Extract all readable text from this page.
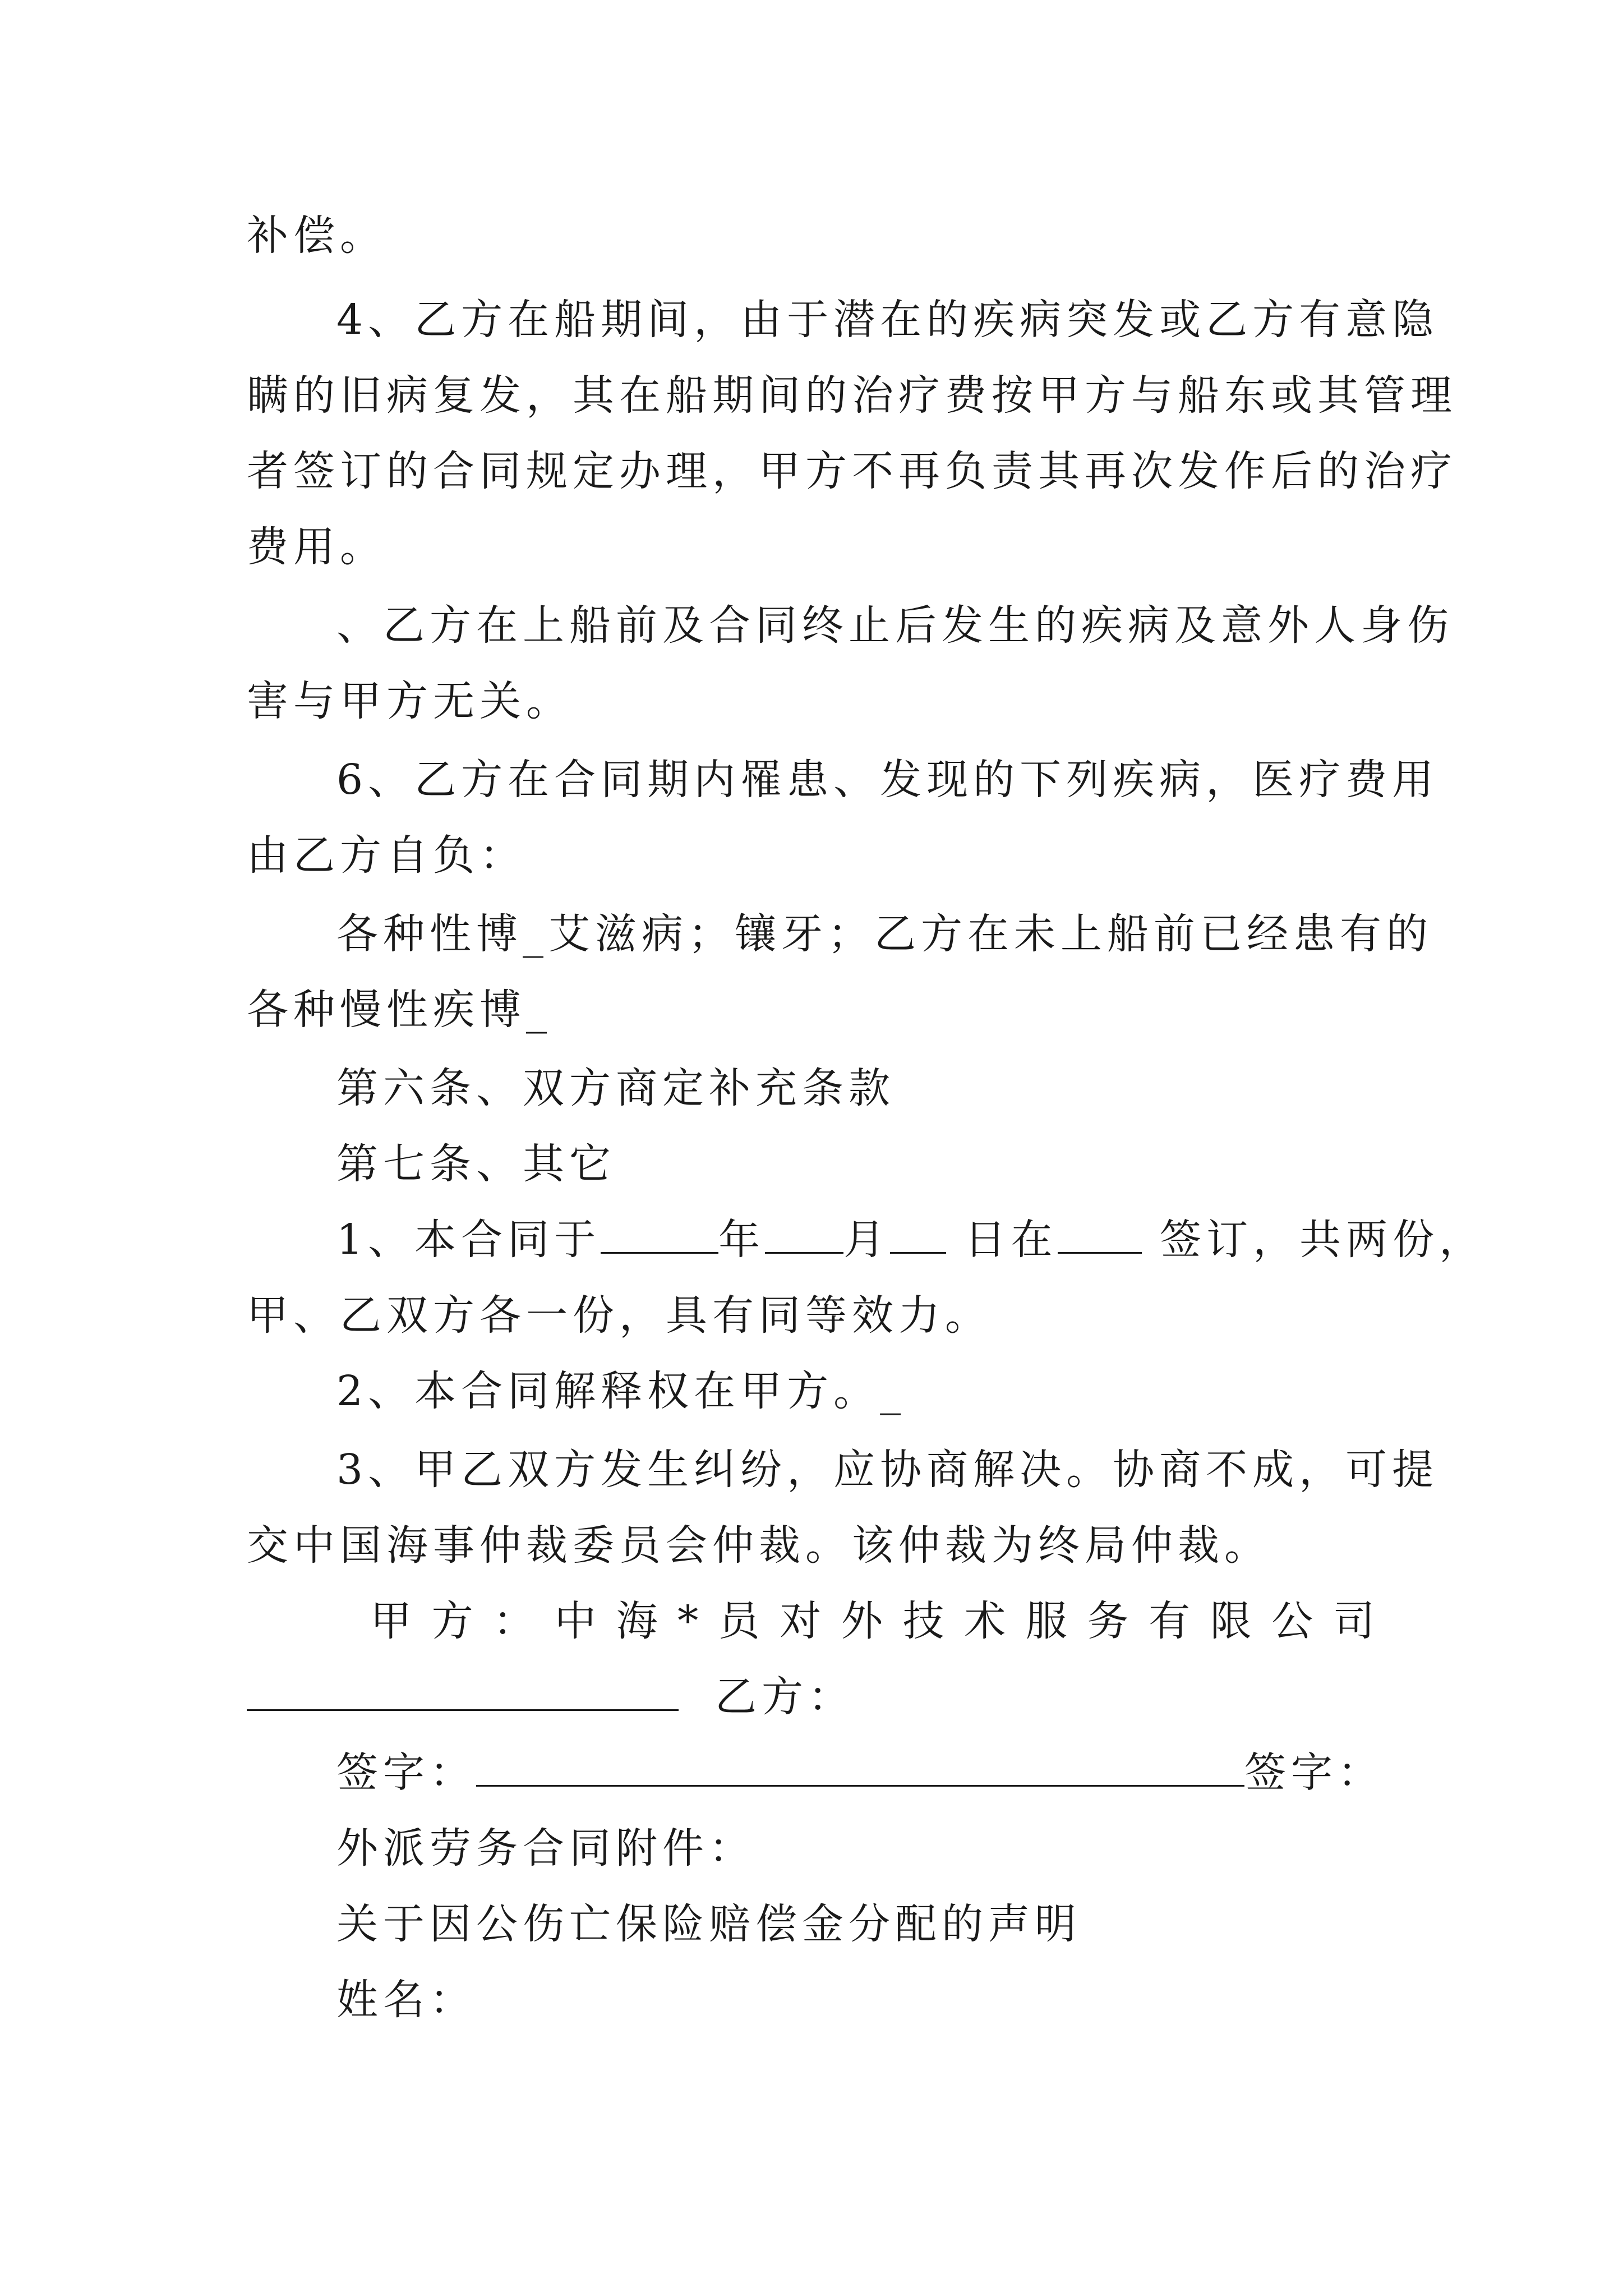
补偿。
4、乙方在船期间，由于潜在的疾病突发或乙方有意隐
瞒的旧病复发，其在船期间的治疗费按甲方与船东或其管理
者签订的合同规定办理，甲方不再负责其再次发作后的治疗
费用。
、乙方在上船前及合同终止后发生的疾病及意外人身伤
害与甲方无关。
6、乙方在合同期内罹患、发现的下列疾病，医疗费用
由乙方自负：
各种性博_艾滋病；镶牙；乙方在未上船前已经患有的
各种慢性疾博_
第六条、双方商定补充条款
第七条、其它
1、本合同于	年 月 日在 签订，共两份，
甲、乙双方各一份，具有同等效力。
2、本合同解释权在甲方。_
3、甲乙双方发生纠纷，应协商解决。协商不成，可提
交中国海事仲裁委员会仲裁。该仲裁为终局仲裁。
甲方：中海*员对外技术服务有限公司
乙方：
签字：	签字：
外派劳务合同附件：
关于因公伤亡保险赔偿金分配的声明
姓名：
